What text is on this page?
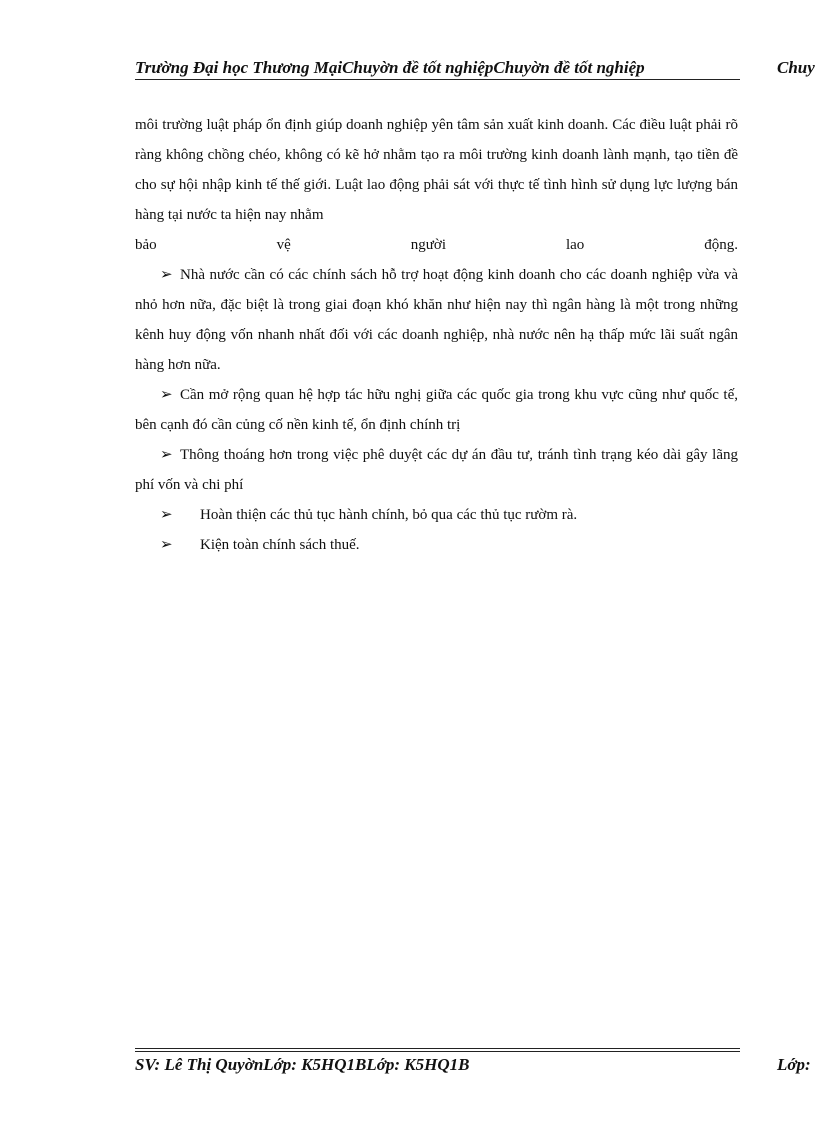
Trường Đại học Thương MạiChuyờn đề tốt nghiệpChuyờn đề tốt nghiệp	Chuy

môi trường luật pháp ổn định giúp doanh nghiệp yên tâm sản xuất kinh doanh. Các điều luật phải rõ ràng không chồng chéo, không có kẽ hở nhằm tạo ra môi trường kinh doanh lành mạnh, tạo tiền đề cho sự hội nhập kinh tế thế giới. Luật lao động phải sát với thực tế tình hình sử dụng lực lượng bán hàng tại nước ta hiện nay nhằm

bảo vệ người lao động.

➢ Nhà nước cần có các chính sách hỗ trợ hoạt động kinh doanh cho các doanh nghiệp vừa và nhỏ hơn nữa, đặc biệt là trong giai đoạn khó khăn như hiện nay thì ngân hàng là một trong những kênh huy động vốn nhanh nhất đối với các doanh nghiệp, nhà nước nên hạ thấp mức lãi suất ngân hàng hơn nữa.

➢ Cần mở rộng quan hệ hợp tác hữu nghị giữa các quốc gia trong khu vực cũng như quốc tế, bên cạnh đó cần củng cố nền kinh tế, ổn định chính trị

➢ Thông thoáng hơn trong việc phê duyệt các dự án đầu tư, tránh tình trạng kéo dài gây lãng phí vốn và chi phí

➢ Hoàn thiện các thủ tục hành chính, bỏ qua các thủ tục rườm rà.
➢ Kiện toàn chính sách thuế.
SV: Lê Thị QuyờnLớp: K5HQ1BLớp: K5HQ1B	Lớp:
